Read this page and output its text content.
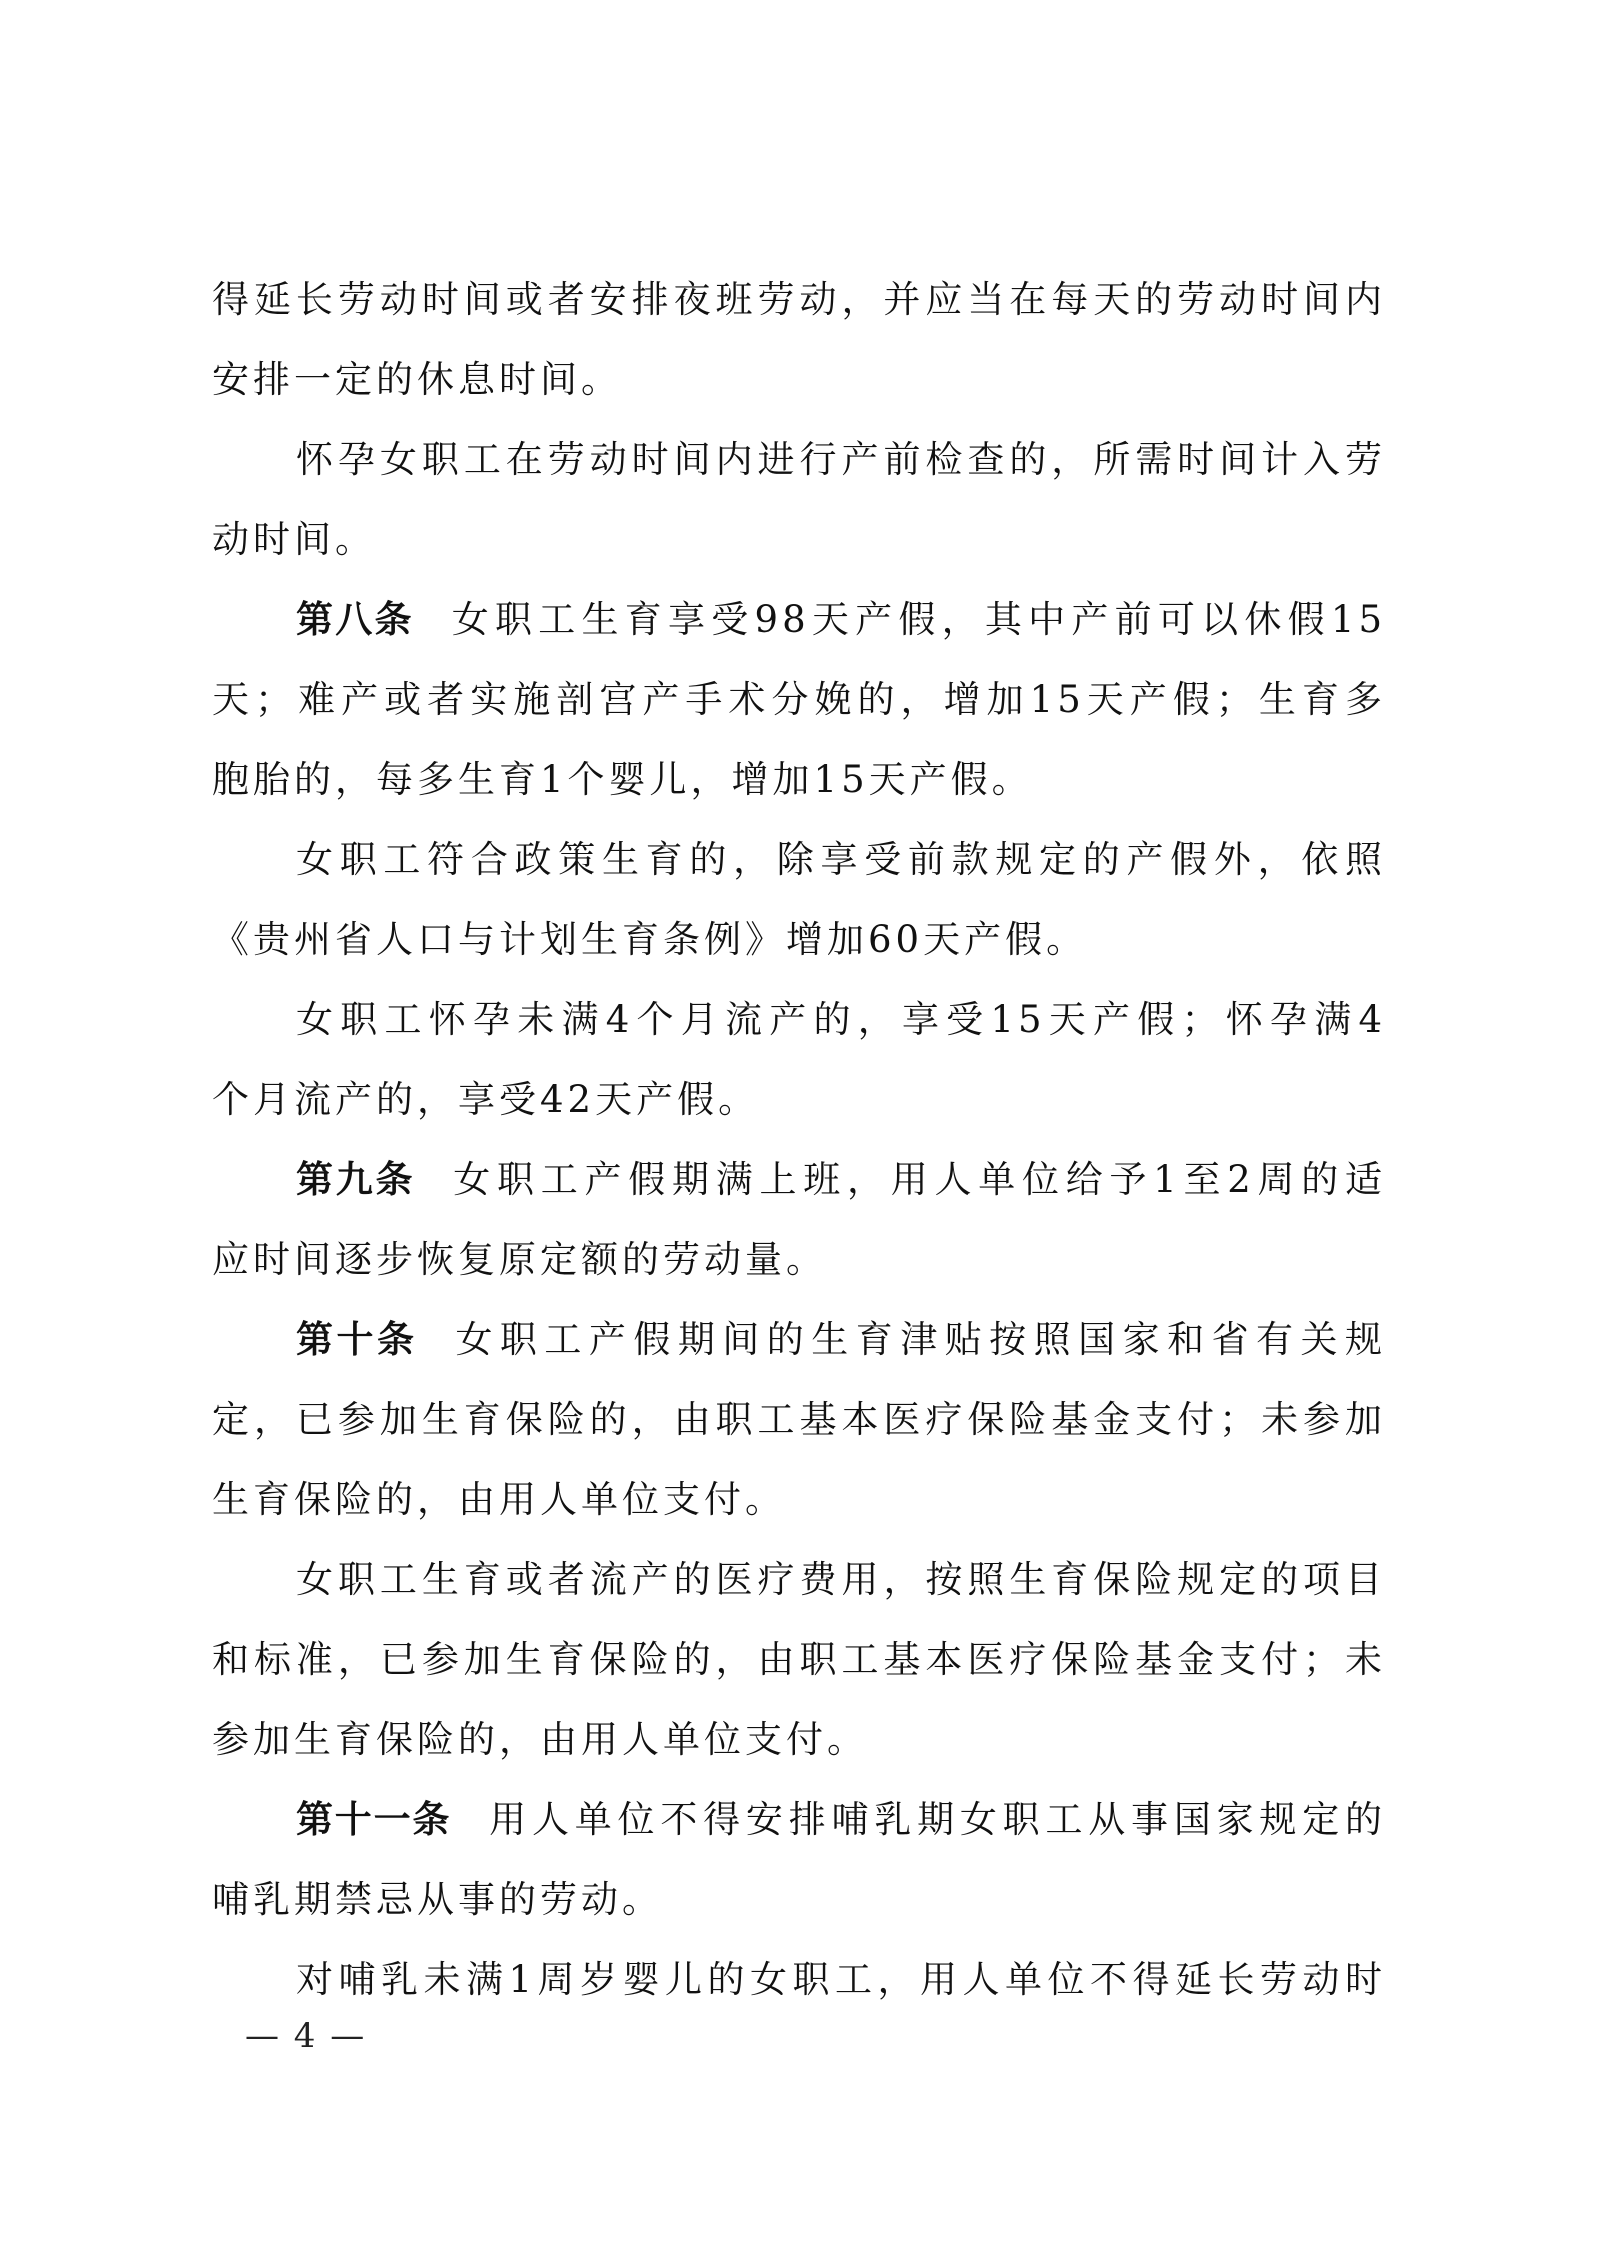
得延长劳动时间或者安排夜班劳动，并应当在每天的劳动时间内
安排一定的休息时间。
怀孕女职工在劳动时间内进行产前检查的，所需时间计入劳
动时间。
第八条 女职工生育享受98天产假，其中产前可以休假15
天；难产或者实施剖宫产手术分娩的，增加15天产假；生育多
胞胎的，每多生育1个婴儿，增加15天产假。
女职工符合政策生育的，除享受前款规定的产假外，依照
《贵州省人口与计划生育条例》增加60天产假。
女职工怀孕未满4个月流产的，享受15天产假；怀孕满4
个月流产的，享受42天产假。
第九条 女职工产假期满上班，用人单位给予1至2周的适
应时间逐步恢复原定额的劳动量。
第十条 女职工产假期间的生育津贴按照国家和省有关规
定，已参加生育保险的，由职工基本医疗保险基金支付；未参加
生育保险的，由用人单位支付。
女职工生育或者流产的医疗费用，按照生育保险规定的项目
和标准，已参加生育保险的，由职工基本医疗保险基金支付；未
参加生育保险的，由用人单位支付。
第十一条 用人单位不得安排哺乳期女职工从事国家规定的
哺乳期禁忌从事的劳动。
对哺乳未满1周岁婴儿的女职工，用人单位不得延长劳动时
— 4 —
